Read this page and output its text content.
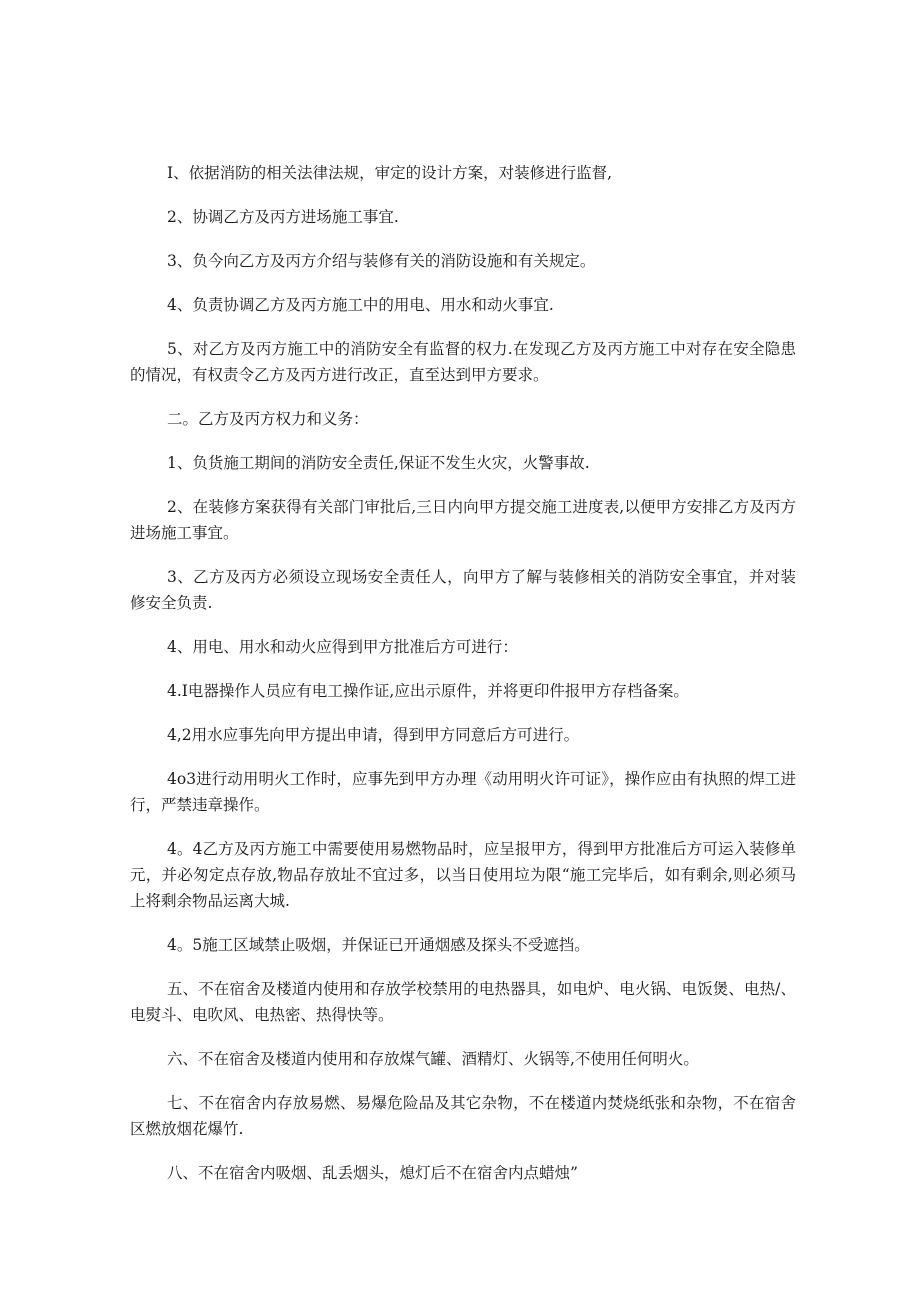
I、依据消防的相关法律法规，审定的设计方案，对装修进行监督,

2、协调乙方及丙方进场施工事宜.

3、负今向乙方及丙方介绍与装修有关的消防设施和有关规定。

4、负责协调乙方及丙方施工中的用电、用水和动火事宜.

5、对乙方及丙方施工中的消防安全有监督的权力.在发现乙方及丙方施工中对存在安全隐患的情况，有权责令乙方及丙方进行改正，直至达到甲方要求。

二。乙方及丙方权力和义务：

1、负货施工期间的消防安全责任,保证不发生火灾，火警事故.

2、在装修方案获得有关部门审批后,三日内向甲方提交施工进度表,以便甲方安排乙方及丙方进场施工事宜。

3、乙方及丙方必须设立现场安全责任人，向甲方了解与装修相关的消防安全事宜，并对装修安全负责.

4、用电、用水和动火应得到甲方批准后方可进行：

4.I电器操作人员应有电工操作证,应出示原件，并将更印件报甲方存档备案。

4,2用水应事先向甲方提出申请，得到甲方同意后方可进行。

4o3进行动用明火工作时，应事先到甲方办理《动用明火许可证》，操作应由有执照的焊工进行，严禁违章操作。

4。4乙方及丙方施工中需要使用易燃物品时，应呈报甲方，得到甲方批准后方可运入装修单元，并必匆定点存放,物品存放址不宜过多，以当日使用垃为限“施工完毕后，如有剩余,则必须马上将剩余物品运离大城.

4。5施工区域禁止吸烟，并保证已开通烟感及探头不受遮挡。

五、不在宿舍及楼道内使用和存放学校禁用的电热器具，如电炉、电火锅、电饭煲、电热/、电熨斗、电吹风、电热密、热得快等。

六、不在宿舍及楼道内使用和存放煤气罐、酒精灯、火锅等,不使用任何明火。

七、不在宿舍内存放易燃、易爆危险品及其它杂物，不在楼道内焚烧纸张和杂物，不在宿舍区燃放烟花爆竹.

八、不在宿舍内吸烟、乱丢烟头，熄灯后不在宿舍内点蜡烛”
